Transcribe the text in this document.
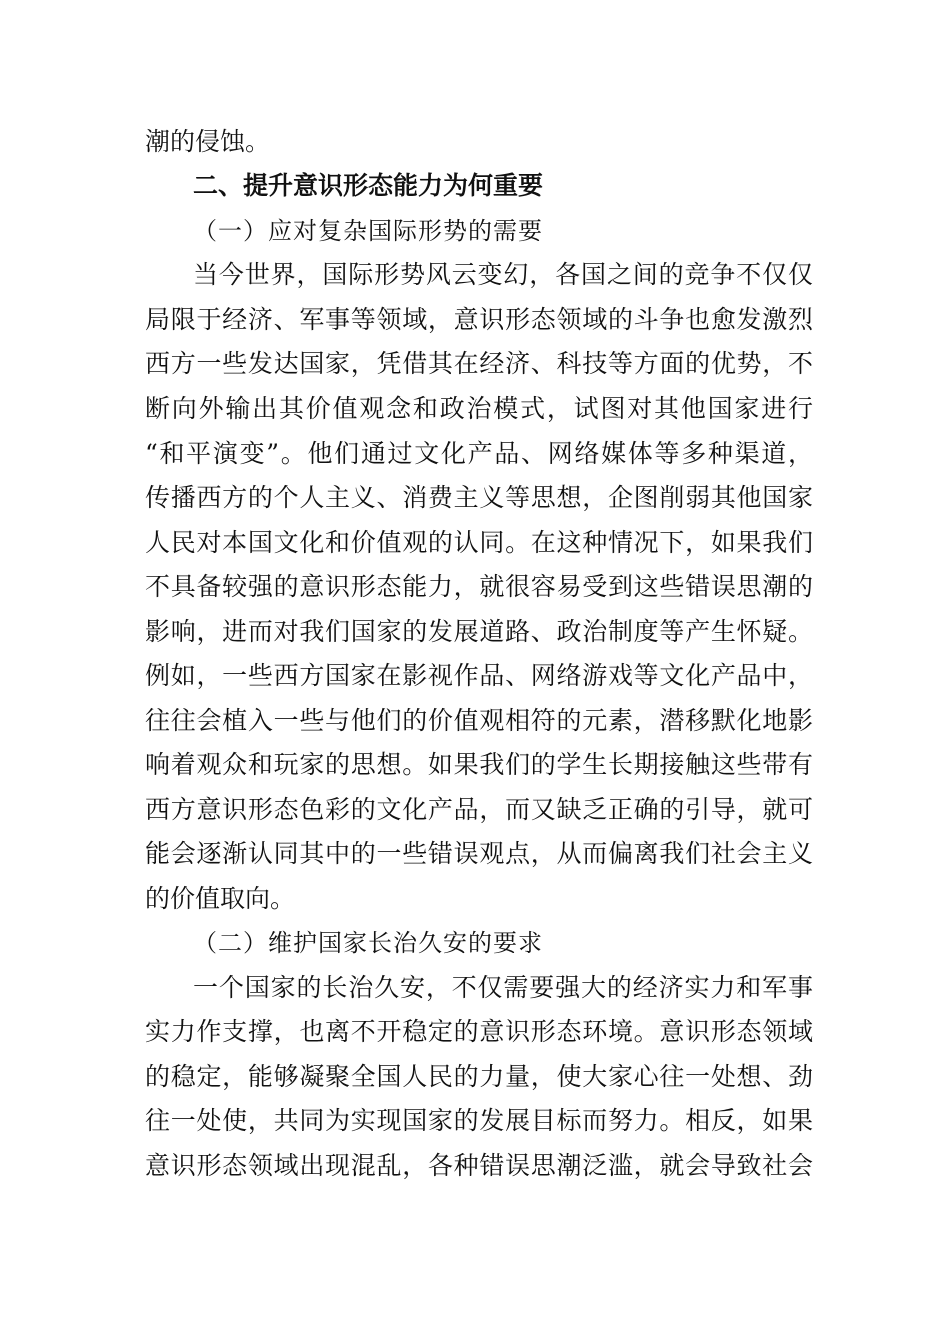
潮的侵蚀。
二、提升意识形态能力为何重要
（一）应对复杂国际形势的需要
当今世界，国际形势风云变幻，各国之间的竞争不仅仅
局限于经济、军事等领域，意识形态领域的斗争也愈发激烈
西方一些发达国家，凭借其在经济、科技等方面的优势，不
断向外输出其价值观念和政治模式，试图对其他国家进行
“和平演变”。他们通过文化产品、网络媒体等多种渠道，
传播西方的个人主义、消费主义等思想，企图削弱其他国家
人民对本国文化和价值观的认同。在这种情况下，如果我们
不具备较强的意识形态能力，就很容易受到这些错误思潮的
影响，进而对我们国家的发展道路、政治制度等产生怀疑。
例如，一些西方国家在影视作品、网络游戏等文化产品中，
往往会植入一些与他们的价值观相符的元素，潜移默化地影
响着观众和玩家的思想。如果我们的学生长期接触这些带有
西方意识形态色彩的文化产品，而又缺乏正确的引导，就可
能会逐渐认同其中的一些错误观点，从而偏离我们社会主义
的价值取向。
（二）维护国家长治久安的要求
一个国家的长治久安，不仅需要强大的经济实力和军事
实力作支撑，也离不开稳定的意识形态环境。意识形态领域
的稳定，能够凝聚全国人民的力量，使大家心往一处想、劲
往一处使，共同为实现国家的发展目标而努力。相反，如果
意识形态领域出现混乱，各种错误思潮泛滥，就会导致社会
